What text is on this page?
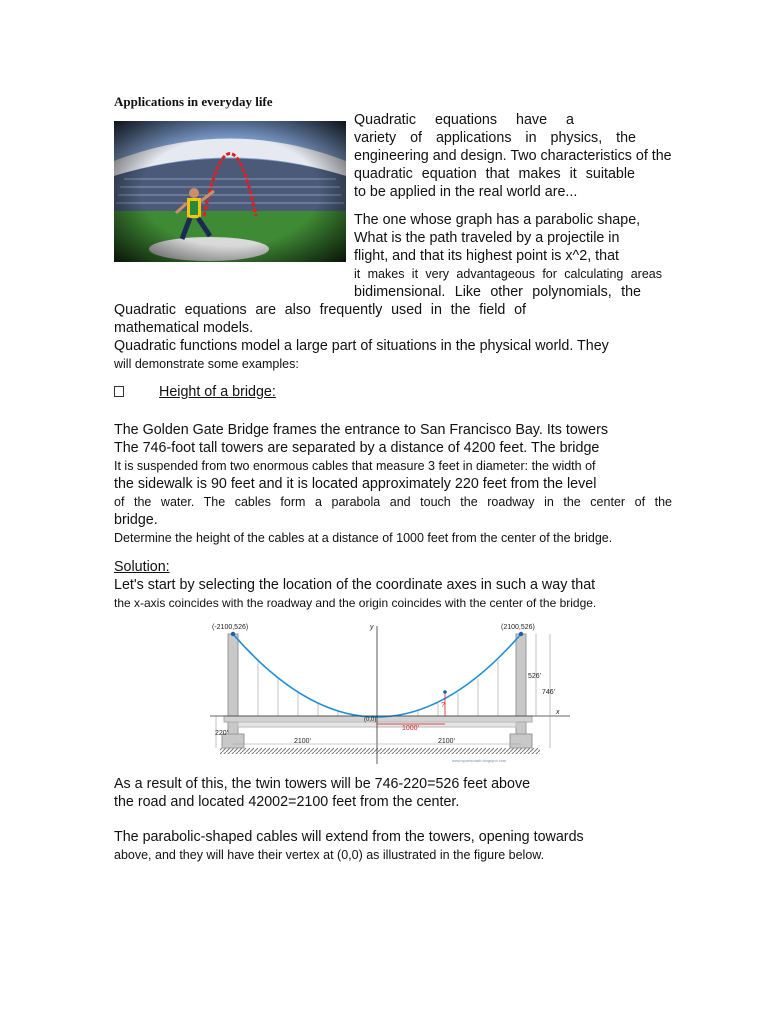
Applications in everyday life
Quadratic equations have a
variety of applications in physics, the
engineering and design. Two characteristics of the
quadratic equation that makes it suitable
to be applied in the real world are...
The one whose graph has a parabolic shape,
What is the path traveled by a projectile in
flight, and that its highest point is x^2, that
it makes it very advantageous for calculating areas
bidimensional. Like other polynomials, the
Quadratic equations are also frequently used in the field of
mathematical models.
Quadratic functions model a large part of situations in the physical world. They
will demonstrate some examples:
Height of a bridge:
The Golden Gate Bridge frames the entrance to San Francisco Bay. Its towers
The 746-foot tall towers are separated by a distance of 4200 feet. The bridge
It is suspended from two enormous cables that measure 3 feet in diameter: the width of
the sidewalk is 90 feet and it is located approximately 220 feet from the level
of the water. The cables form a parabola and touch the roadway in the center of the
bridge.
Determine the height of the cables at a distance of 1000 feet from the center of the bridge.
Solution:
Let's start by selecting the location of the coordinate axes in such a way that
the x-axis coincides with the roadway and the origin coincides with the center of the bridge.
(-2100,526)	(2100,526)
y
x
(0,0)
526'
746'
220'
2100'	2100'
1000'
?
www.sportsmath.blogspot.com
As a result of this, the twin towers will be 746-220=526 feet above
the road and located 42002=2100 feet from the center.
The parabolic-shaped cables will extend from the towers, opening towards
above, and they will have their vertex at (0,0) as illustrated in the figure below.
